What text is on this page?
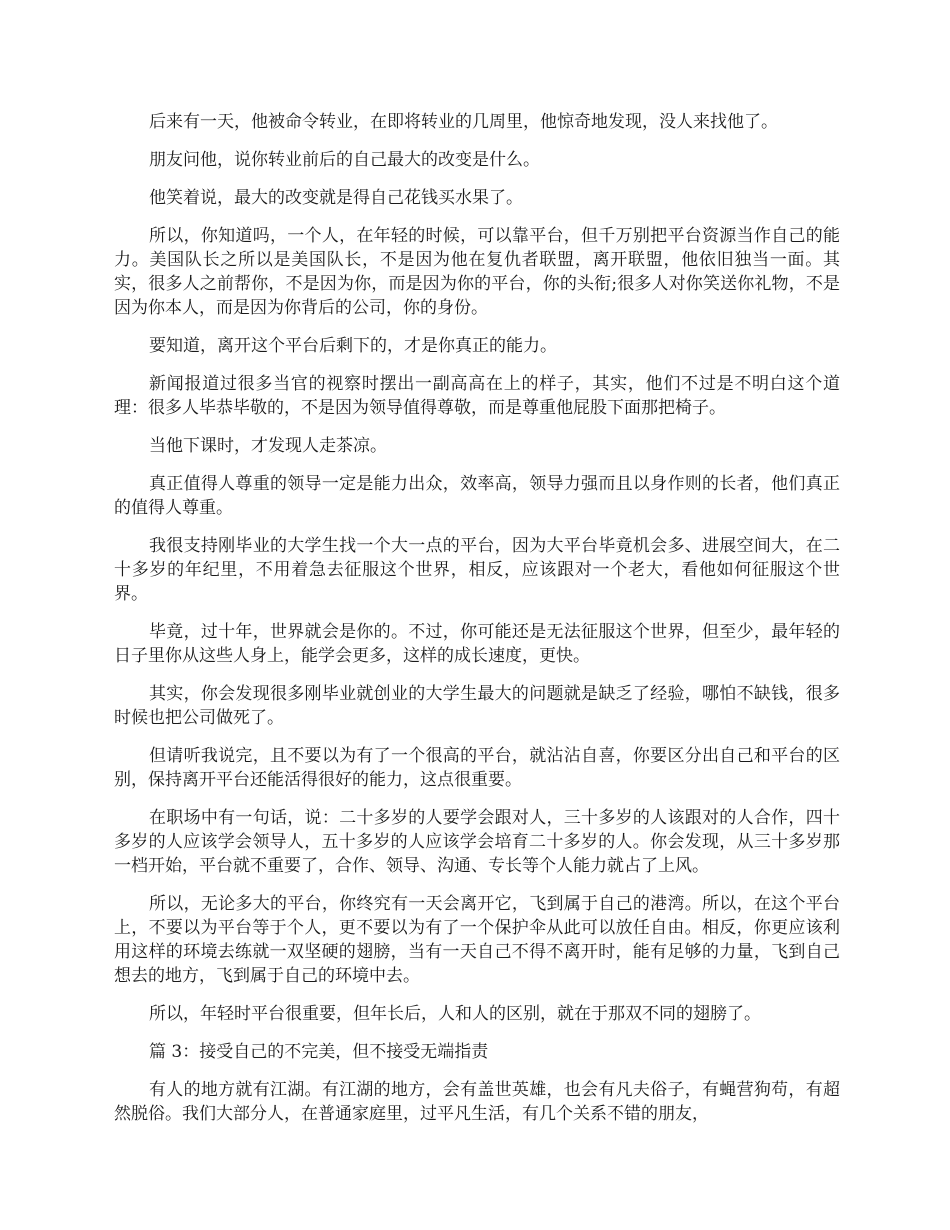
后来有一天，他被命令转业，在即将转业的几周里，他惊奇地发现，没人来找他了。

朋友问他，说你转业前后的自己最大的改变是什么。

他笑着说，最大的改变就是得自己花钱买水果了。

所以，你知道吗，一个人，在年轻的时候，可以靠平台，但千万别把平台资源当作自己的能力。美国队长之所以是美国队长，不是因为他在复仇者联盟，离开联盟，他依旧独当一面。其实，很多人之前帮你，不是因为你，而是因为你的平台，你的头衔;很多人对你笑送你礼物，不是因为你本人，而是因为你背后的公司，你的身份。

要知道，离开这个平台后剩下的，才是你真正的能力。

新闻报道过很多当官的视察时摆出一副高高在上的样子，其实，他们不过是不明白这个道理：很多人毕恭毕敬的，不是因为领导值得尊敬，而是尊重他屁股下面那把椅子。

当他下课时，才发现人走茶凉。

真正值得人尊重的领导一定是能力出众，效率高，领导力强而且以身作则的长者，他们真正的值得人尊重。

我很支持刚毕业的大学生找一个大一点的平台，因为大平台毕竟机会多、进展空间大，在二十多岁的年纪里，不用着急去征服这个世界，相反，应该跟对一个老大，看他如何征服这个世界。

毕竟，过十年，世界就会是你的。不过，你可能还是无法征服这个世界，但至少，最年轻的日子里你从这些人身上，能学会更多，这样的成长速度，更快。

其实，你会发现很多刚毕业就创业的大学生最大的问题就是缺乏了经验，哪怕不缺钱，很多时候也把公司做死了。

但请听我说完，且不要以为有了一个很高的平台，就沾沾自喜，你要区分出自己和平台的区别，保持离开平台还能活得很好的能力，这点很重要。

在职场中有一句话，说：二十多岁的人要学会跟对人，三十多岁的人该跟对的人合作，四十多岁的人应该学会领导人，五十多岁的人应该学会培育二十多岁的人。你会发现，从三十多岁那一档开始，平台就不重要了，合作、领导、沟通、专长等个人能力就占了上风。

所以，无论多大的平台，你终究有一天会离开它，飞到属于自己的港湾。所以，在这个平台上，不要以为平台等于个人，更不要以为有了一个保护伞从此可以放任自由。相反，你更应该利用这样的环境去练就一双坚硬的翅膀，当有一天自己不得不离开时，能有足够的力量，飞到自己想去的地方，飞到属于自己的环境中去。

所以，年轻时平台很重要，但年长后，人和人的区别，就在于那双不同的翅膀了。

篇 3：接受自己的不完美，但不接受无端指责

有人的地方就有江湖。有江湖的地方，会有盖世英雄，也会有凡夫俗子，有蝇营狗苟，有超然脱俗。我们大部分人，在普通家庭里，过平凡生活，有几个关系不错的朋友，
